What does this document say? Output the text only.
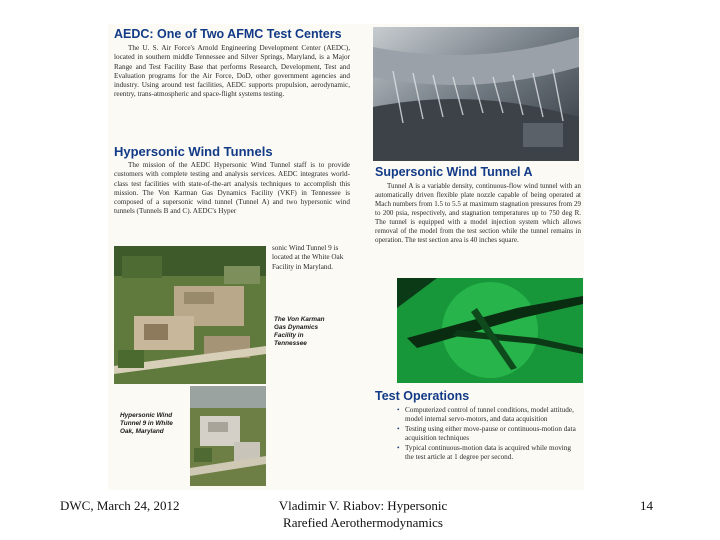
AEDC: One of Two AFMC Test Centers

The U. S. Air Force's Arnold Engineering Development Center (AEDC), located in southern middle Tennessee and Silver Springs, Maryland, is a Major Range and Test Facility Base that performs Research, Development, Test and Evaluation programs for the Air Force, DoD, other government agencies and industry. Using around test facilities, AEDC supports propulsion, aerodynamic, reentry, trans-atmospheric and space-flight systems testing.

Hypersonic Wind Tunnels

The mission of the AEDC Hypersonic Wind Tunnel staff is to provide customers with complete testing and analysis services. AEDC integrates world-class test facilities with state-of-the-art analysis techniques to accomplish this mission. The Von Karman Gas Dynamics Facility (VKF) in Tennessee is composed of a supersonic wind tunnel (Tunnel A) and two hypersonic wind tunnels (Tunnels B and C). AEDC's Hyper

sonic Wind Tunnel 9 is located at the White Oak Facility in Maryland.

The Von Karman Gas Dynamics Facility in Tennessee
Hypersonic Wind Tunnel 9 in White Oak, Maryland
Supersonic Wind Tunnel A

Tunnel A is a variable density, continuous-flow wind tunnel with an automatically driven flexible plate nozzle capable of being operated at Mach numbers from 1.5 to 5.5 at maximum stagnation pressures from 29 to 200 psia, respectively, and stagnation temperatures up to 750 deg R. The tunnel is equipped with a model injection system which allows removal of the model from the test section while the tunnel remains in operation. The test section area is 40 inches square.

Test Operations
• Computerized control of tunnel conditions, model attitude, model internal servo-motors, and data acquisition
• Testing using either move-pause or continuous-motion data acquisition techniques
• Typical continuous-motion data is acquired while moving the test article at 1 degree per second.
DWC, March 24, 2012	Vladimir V. Riabov: Hypersonic
Rarefied Aerothermodynamics
14
